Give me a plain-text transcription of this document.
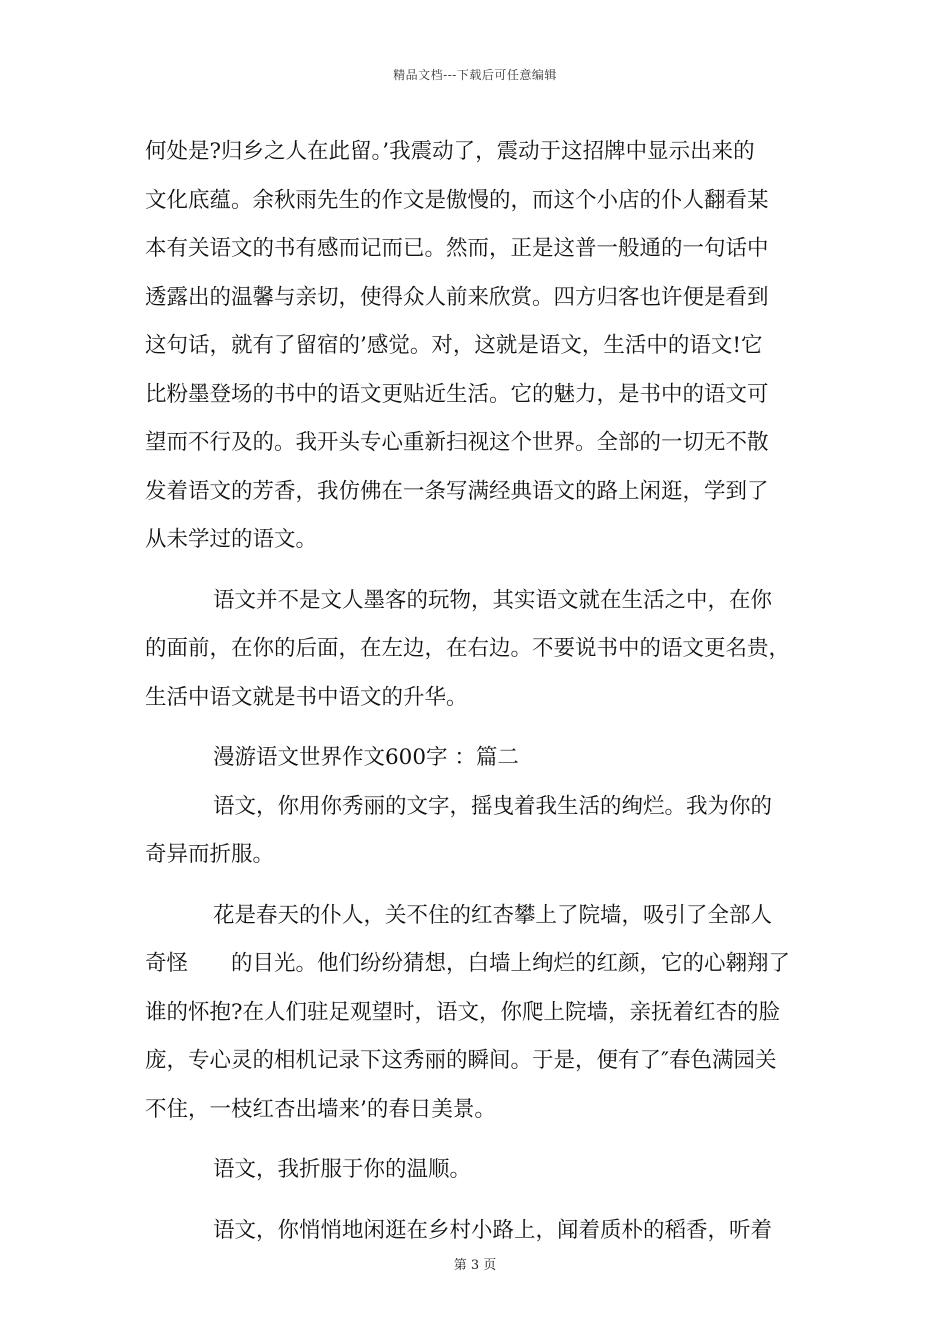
精品文档---下载后可任意编辑
何处是?归乡之人在此留。’我震动了，震动于这招牌中显示出来的
文化底蕴。余秋雨先生的作文是傲慢的，而这个小店的仆人翻看某
本有关语文的书有感而记而已。然而，正是这普一般通的一句话中
透露出的温馨与亲切，使得众人前来欣赏。四方归客也许便是看到
这句话，就有了留宿的’感觉。对，这就是语文，生活中的语文!它
比粉墨登场的书中的语文更贴近生活。它的魅力，是书中的语文可
望而不行及的。我开头专心重新扫视这个世界。全部的一切无不散
发着语文的芳香，我仿佛在一条写满经典语文的路上闲逛，学到了
从未学过的语文。
语文并不是文人墨客的玩物，其实语文就在生活之中，在你
的面前，在你的后面，在左边，在右边。不要说书中的语文更名贵，
生活中语文就是书中语文的升华。
漫游语文世界作文600字 ：篇二
语文，你用你秀丽的文字，摇曳着我生活的绚烂。我为你的
奇异而折服。
花是春天的仆人，关不住的红杏攀上了院墙，吸引了全部人
奇怪　　的目光。他们纷纷猜想，白墙上绚烂的红颜，它的心翱翔了
谁的怀抱?在人们驻足观望时，语文，你爬上院墙，亲抚着红杏的脸
庞，专心灵的相机记录下这秀丽的瞬间。于是，便有了″春色满园关
不住，一枝红杏出墙来’的春日美景。
语文，我折服于你的温顺。
语文，你悄悄地闲逛在乡村小路上，闻着质朴的稻香，听着
第 3 页
